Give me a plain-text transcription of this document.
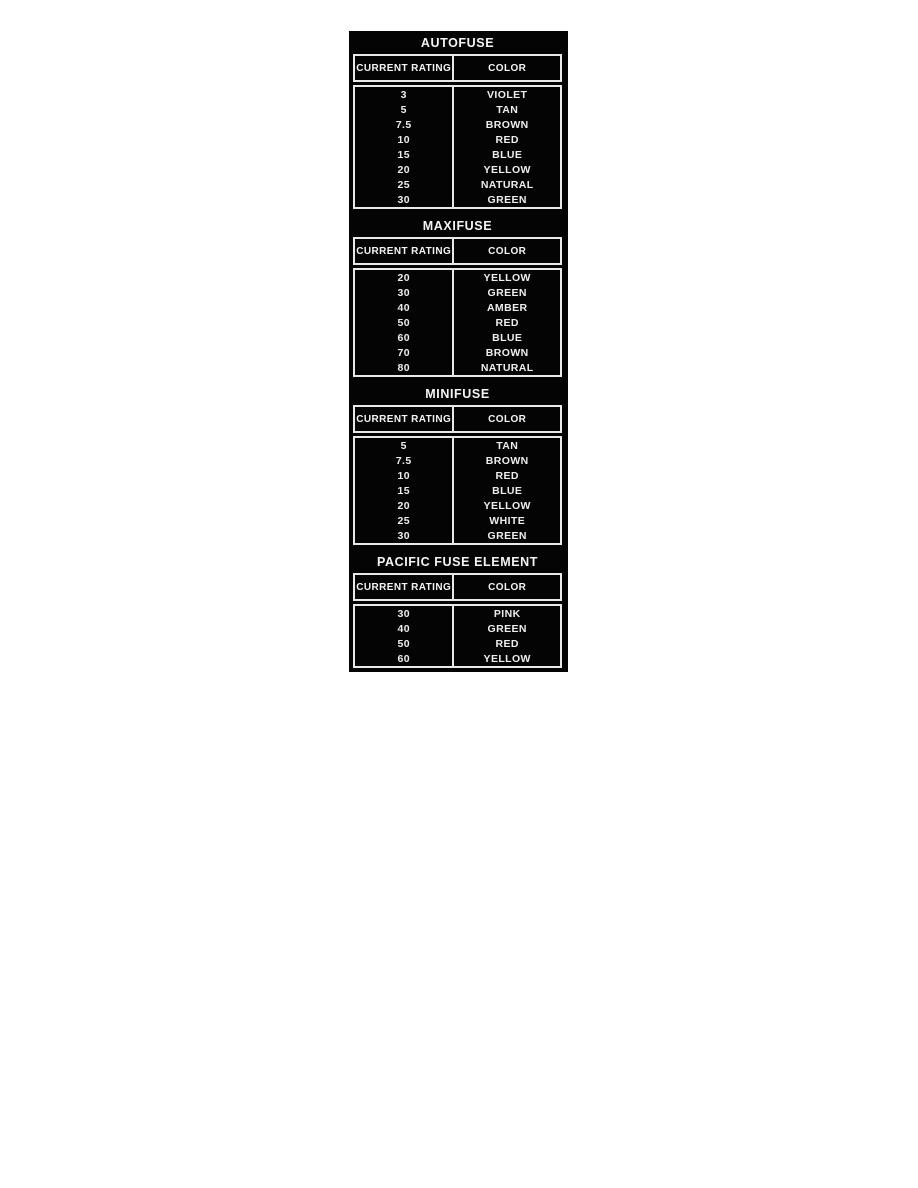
AUTOFUSE
CURRENT RATING	COLOR
3	VIOLET
5	TAN
7.5	BROWN
10	RED
15	BLUE
20	YELLOW
25	NATURAL
30	GREEN
MAXIFUSE
CURRENT RATING	COLOR
20	YELLOW
30	GREEN
40	AMBER
50	RED
60	BLUE
70	BROWN
80	NATURAL
MINIFUSE
CURRENT RATING	COLOR
5	TAN
7.5	BROWN
10	RED
15	BLUE
20	YELLOW
25	WHITE
30	GREEN
PACIFIC FUSE ELEMENT
CURRENT RATING	COLOR
30	PINK
40	GREEN
50	RED
60	YELLOW
